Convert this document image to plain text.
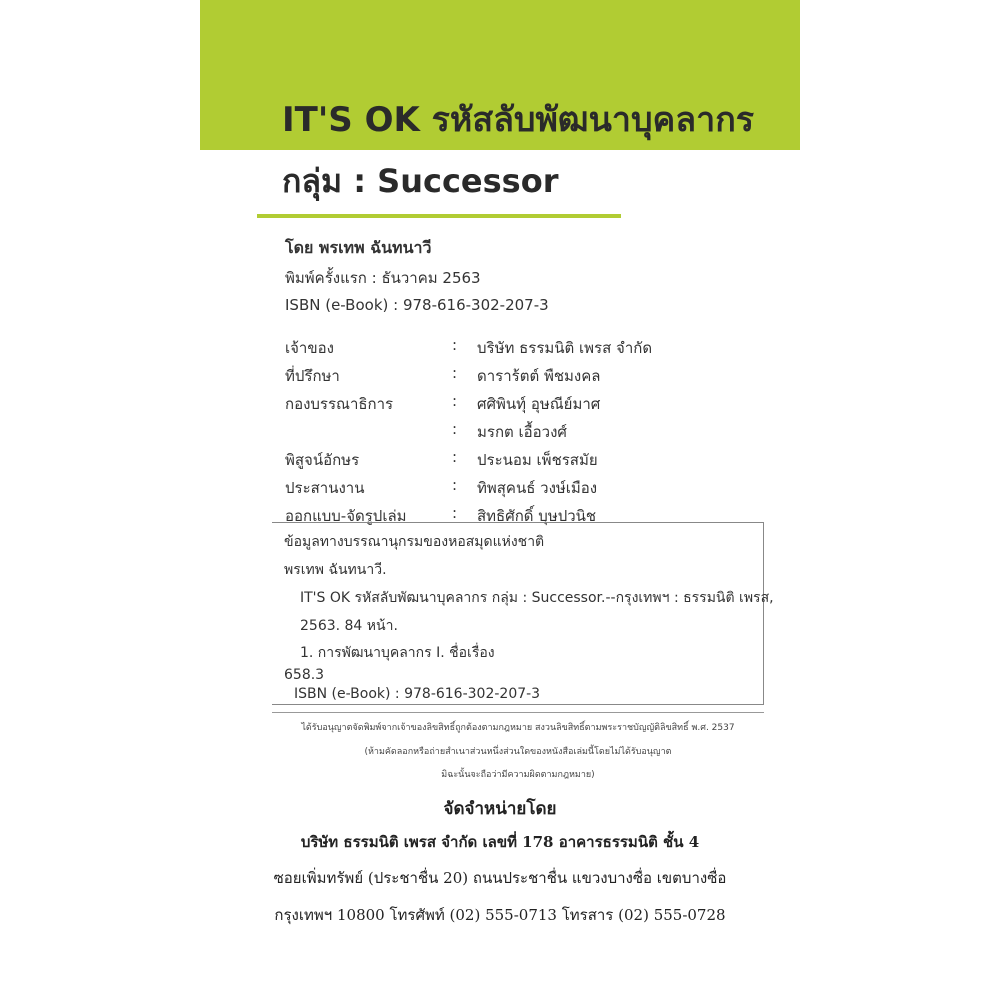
IT'S OK รหัสลับพัฒนาบุคลากร
กลุ่ม : Successor
โดย พรเทพ ฉันทนาวี
พิมพ์ครั้งแรก : ธันวาคม 2563
ISBN (e-Book) : 978-616-302-207-3
เจ้าของ	: บริษัท ธรรมนิติ เพรส จำกัด
ที่ปรึกษา	: ดาราร้ตต์ พืชมงคล
กองบรรณาธิการ	: ศศิพินทุ์ อุษณีย์มาศ
: มรกต เอื้อวงศ์
พิสูจน์อักษร	: ประนอม เพ็ชรสมัย
ประสานงาน	: ทิพสุคนธ์ วงษ์เมือง
ออกแบบ-จัดรูปเล่ม	: สิทธิศักดิ์ บุษปวนิช
ข้อมูลทางบรรณานุกรมของหอสมุดแห่งชาติ
พรเทพ ฉันทนาวี.
IT'S OK รหัสลับพัฒนาบุคลากร กลุ่ม : Successor.--กรุงเทพฯ : ธรรมนิติ เพรส,
2563. 84 หน้า.
1. การพัฒนาบุคลากร I. ชื่อเรื่อง
658.3
ISBN (e-Book) : 978-616-302-207-3
ได้รับอนุญาตจัดพิมพ์จากเจ้าของลิขสิทธิ์ถูกต้องตามกฎหมาย สงวนลิขสิทธิ์ตามพระราชบัญญัติลิขสิทธิ์ พ.ศ. 2537
(ห้ามคัดลอกหรือถ่ายสำเนาส่วนหนึ่งส่วนใดของหนังสือเล่มนี้โดยไม่ได้รับอนุญาต
มิฉะนั้นจะถือว่ามีความผิดตามกฎหมาย)
จัดจำหน่ายโดย
บริษัท ธรรมนิติ เพรส จำกัด เลขที่ 178 อาคารธรรมนิติ ชั้น 4
ซอยเพิ่มทรัพย์ (ประชาชื่น 20) ถนนประชาชื่น แขวงบางซื่อ เขตบางซื่อ
กรุงเทพฯ 10800 โทรศัพท์ (02) 555-0713 โทรสาร (02) 555-0728
